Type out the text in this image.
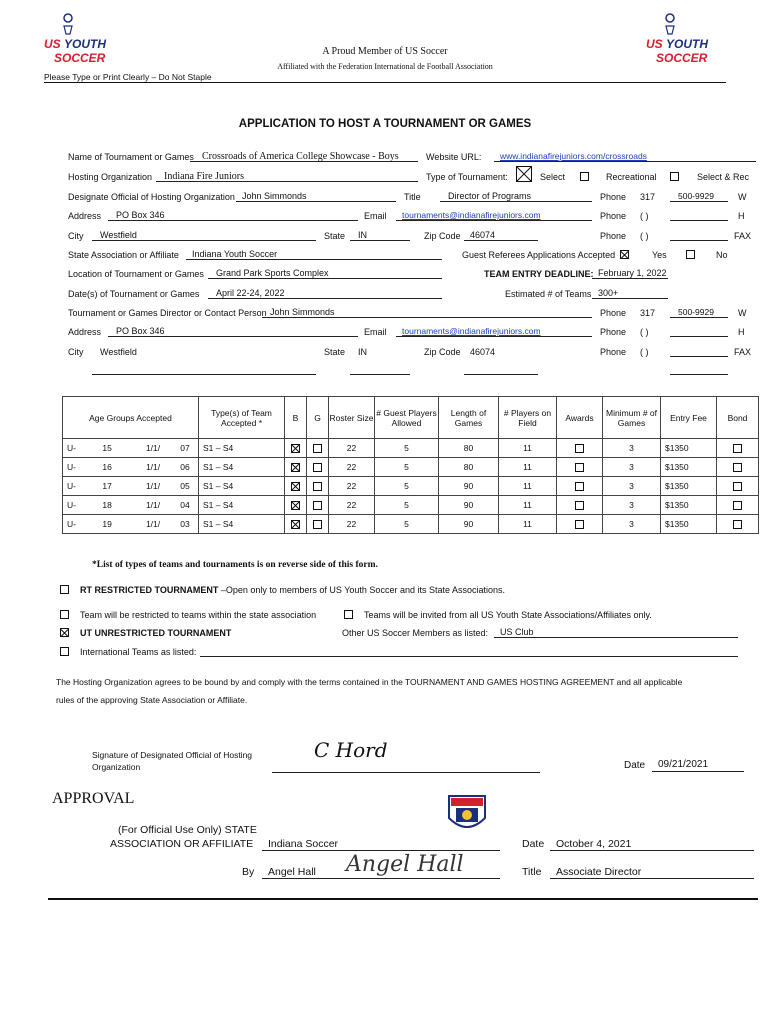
US YOUTH
SOCCER
US YOUTH
SOCCER
A Proud Member of US Soccer
Affiliated with the Federation International de Football Association
Please Type or Print Clearly – Do Not Staple
APPLICATION TO HOST A TOURNAMENT OR GAMES
Name of Tournament or Games Crossroads of America College Showcase - Boys	Website URL: www.indianafirejuniors.com/crossroads
Hosting Organization Indiana Fire Juniors	Type of Tournament:	Select	Recreational	Select & Rec
Designate Official of Hosting Organization John Simmonds	Title	Director of Programs	Phone 317	500-9929	W
Address PO Box 346	Email tournaments@indianafirejuniors.com	Phone ( )	H
City Westfield	State IN	Zip Code 46074	Phone ( )	FAX
State Association or Affiliate Indiana Youth Soccer	Guest Referees Applications Accepted	Yes	No
Location of Tournament or Games Grand Park Sports Complex	TEAM ENTRY DEADLINE: February 1, 2022
Date(s) of Tournament or Games April 22-24, 2022	Estimated # of Teams 300+
Tournament or Games Director or Contact Person John Simmonds	Phone 317	500-9929	W
Address PO Box 346	Email tournaments@indianafirejuniors.com	Phone ( )	H
City Westfield	State IN	Zip Code 46074	Phone ( )	FAX
Age Groups Accepted				Type(s) of Team Accepted *	B	G	Roster Size	# Guest Players Allowed	Length of Games	# Players on Field	Awards	Minimum # of Games	Entry Fee	Bond
U-	15	1/1/	07	S1 – S4			22	5	80	11		3	$1350	
U-	16	1/1/	06	S1 – S4			22	5	80	11		3	$1350	
U-	17	1/1/	05	S1 – S4			22	5	90	11		3	$1350	
U-	18	1/1/	04	S1 – S4			22	5	90	11		3	$1350	
U-	19	1/1/	03	S1 – S4			22	5	90	11		3	$1350	
*List of types of teams and tournaments is on reverse side of this form.
RT RESTRICTED TOURNAMENT –Open only to members of US Youth Soccer and its State Associations.
Team will be restricted to teams within the state association	Teams will be invited from all US Youth State Associations/Affiliates only.
UT UNRESTRICTED TOURNAMENT	Other US Soccer Members as listed: US Club
International Teams as listed:
The Hosting Organization agrees to be bound by and comply with the terms contained in the TOURNAMENT AND GAMES HOSTING AGREEMENT and all applicable
rules of the approving State Association or Affiliate.
Signature of Designated Official of Hosting
Organization
C Hord
Date 09/21/2021
APPROVAL
(For Official Use Only) STATE
ASSOCIATION OR AFFILIATE Indiana Soccer	Date October 4, 2021
By Angel Hall Angel Hall	Title Associate Director
